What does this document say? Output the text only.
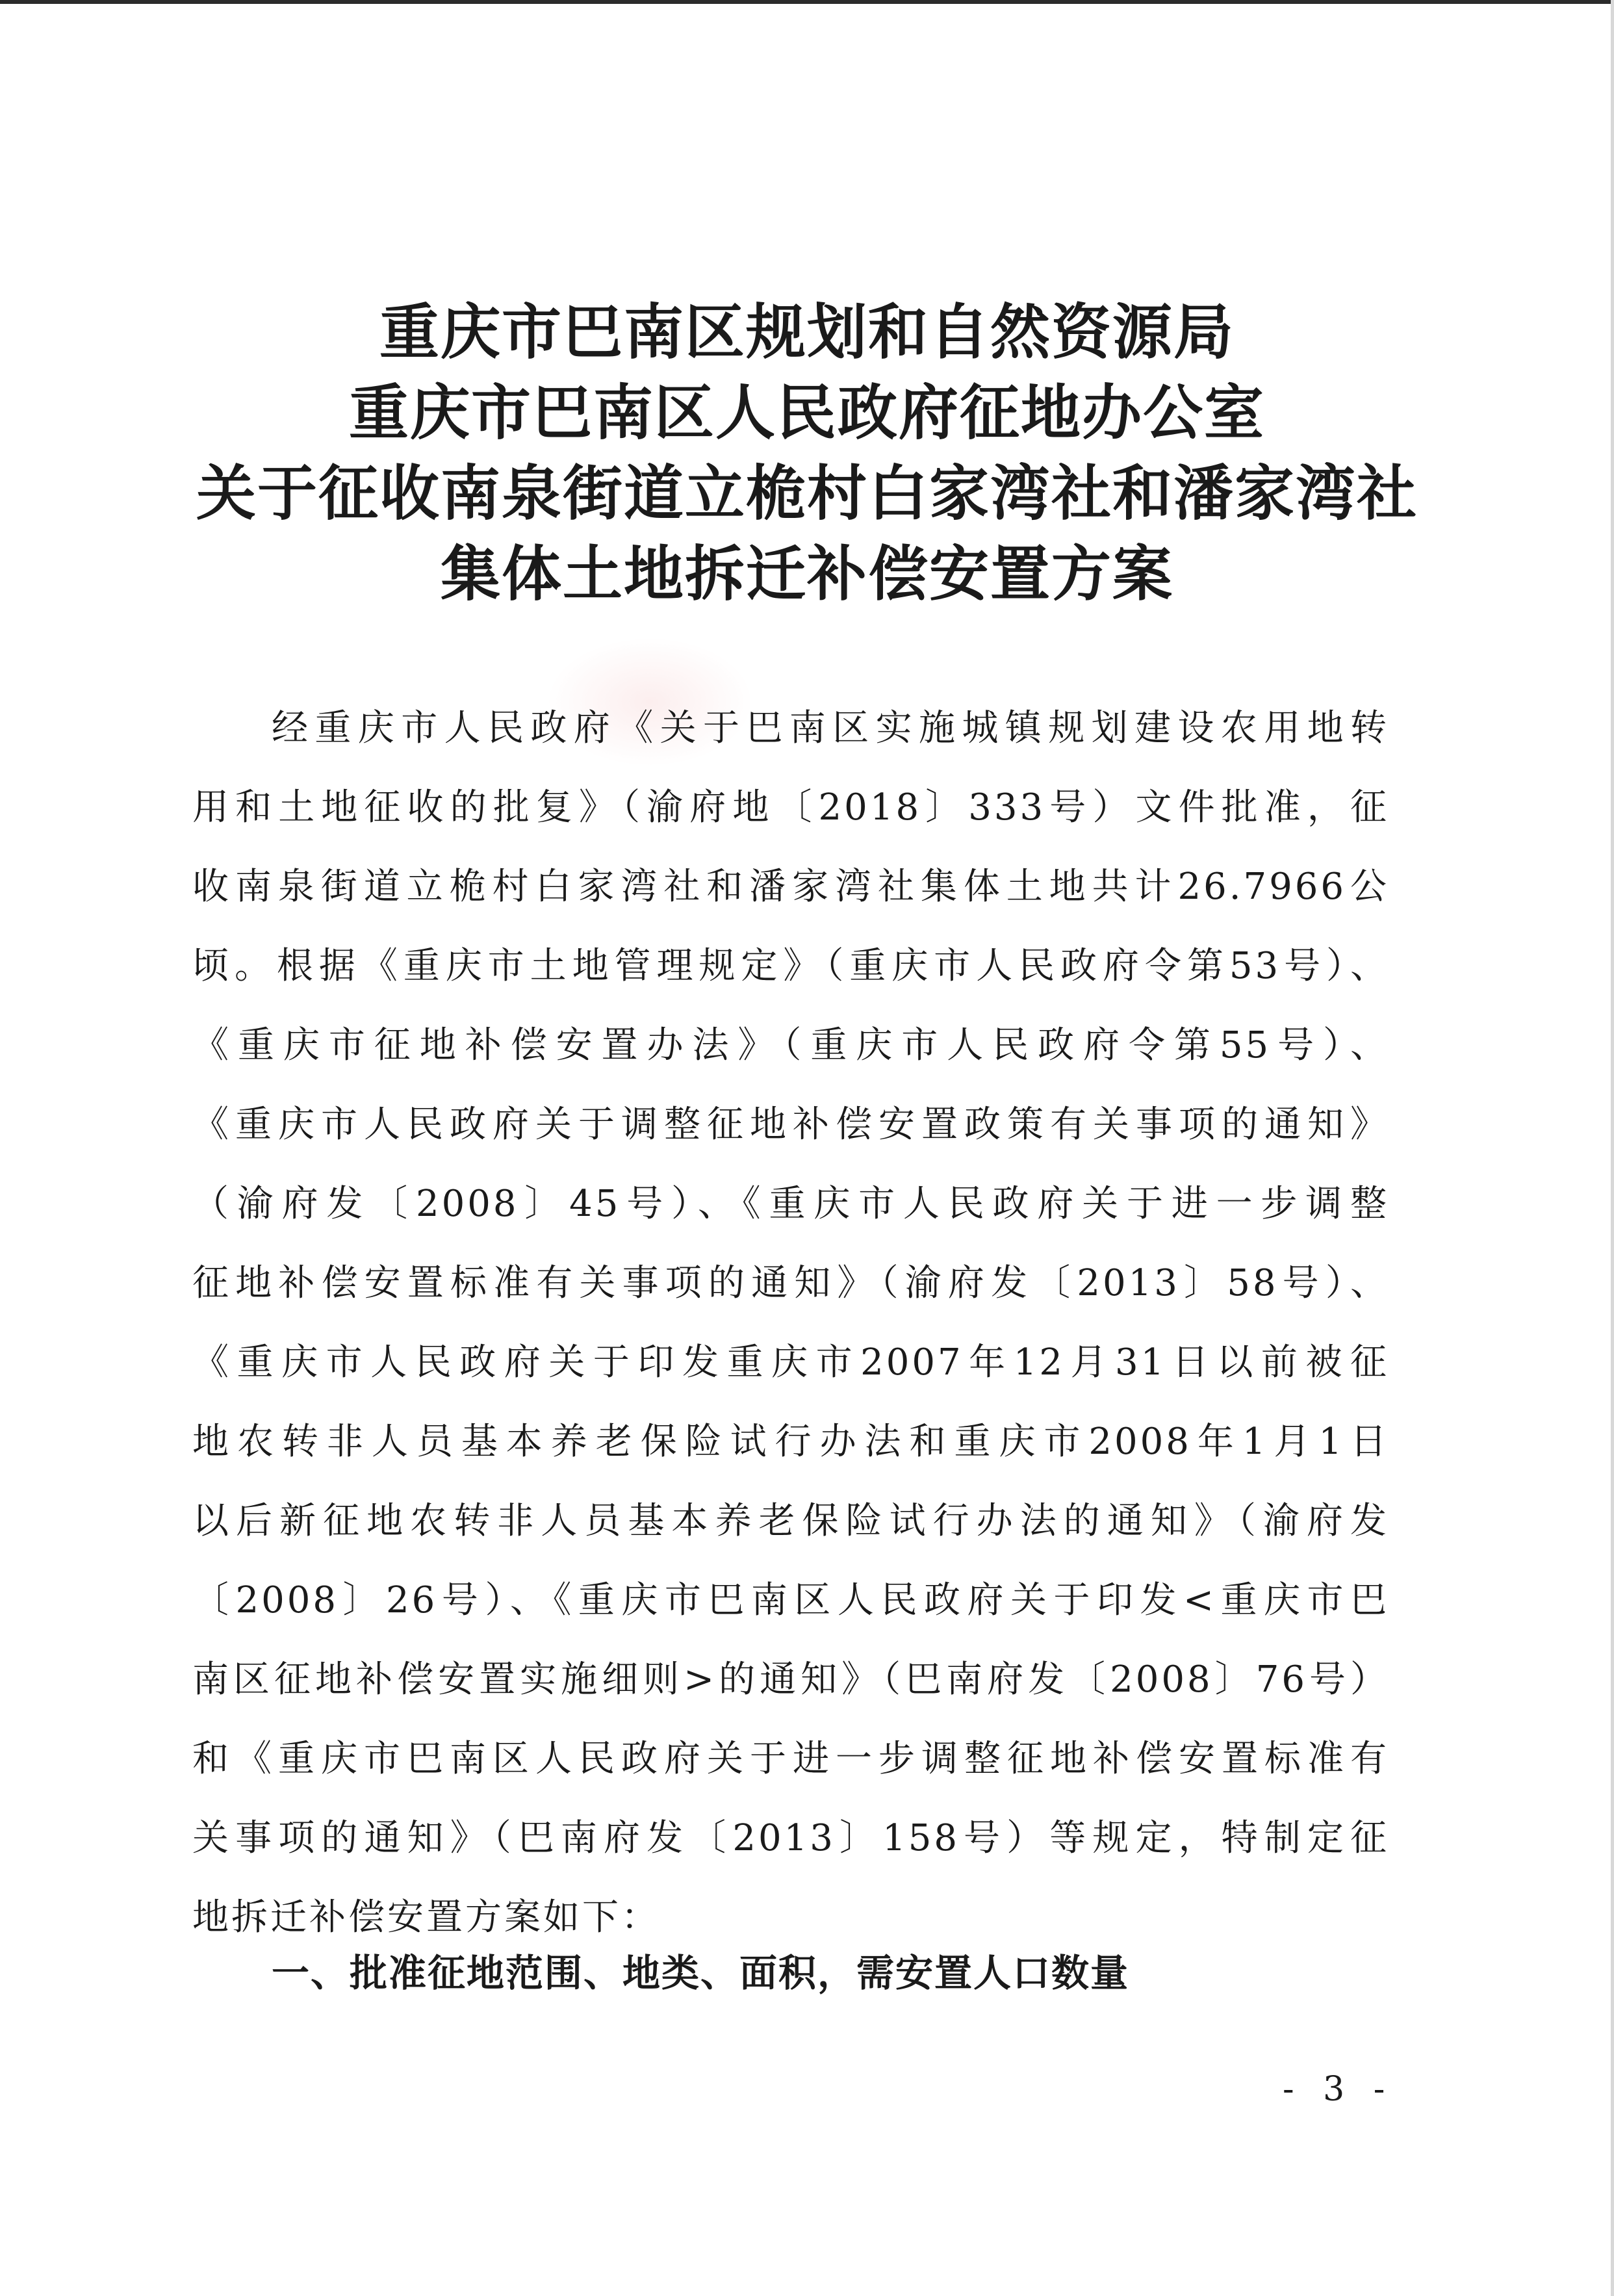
重庆市巴南区规划和自然资源局
重庆市巴南区人民政府征地办公室
关于征收南泉街道立桅村白家湾社和潘家湾社
集体土地拆迁补偿安置方案
经重庆市人民政府《关于巴南区实施城镇规划建设农用地转
用和土地征收的批复》（渝府地〔2018〕333号）文件批准，征
收南泉街道立桅村白家湾社和潘家湾社集体土地共计26.7966公
顷。根据《重庆市土地管理规定》（重庆市人民政府令第53号）、
《重庆市征地补偿安置办法》（重庆市人民政府令第55号）、
《重庆市人民政府关于调整征地补偿安置政策有关事项的通知》
（渝府发〔2008〕45号）、《重庆市人民政府关于进一步调整
征地补偿安置标准有关事项的通知》（渝府发〔2013〕58号）、
《重庆市人民政府关于印发重庆市2007年12月31日以前被征
地农转非人员基本养老保险试行办法和重庆市2008年1月1日
以后新征地农转非人员基本养老保险试行办法的通知》（渝府发
〔2008〕26号）、《重庆市巴南区人民政府关于印发<重庆市巴
南区征地补偿安置实施细则>的通知》（巴南府发〔2008〕76号）
和《重庆市巴南区人民政府关于进一步调整征地补偿安置标准有
关事项的通知》（巴南府发〔2013〕158号）等规定，特制定征
地拆迁补偿安置方案如下：
一、批准征地范围、地类、面积，需安置人口数量
- 3 -
